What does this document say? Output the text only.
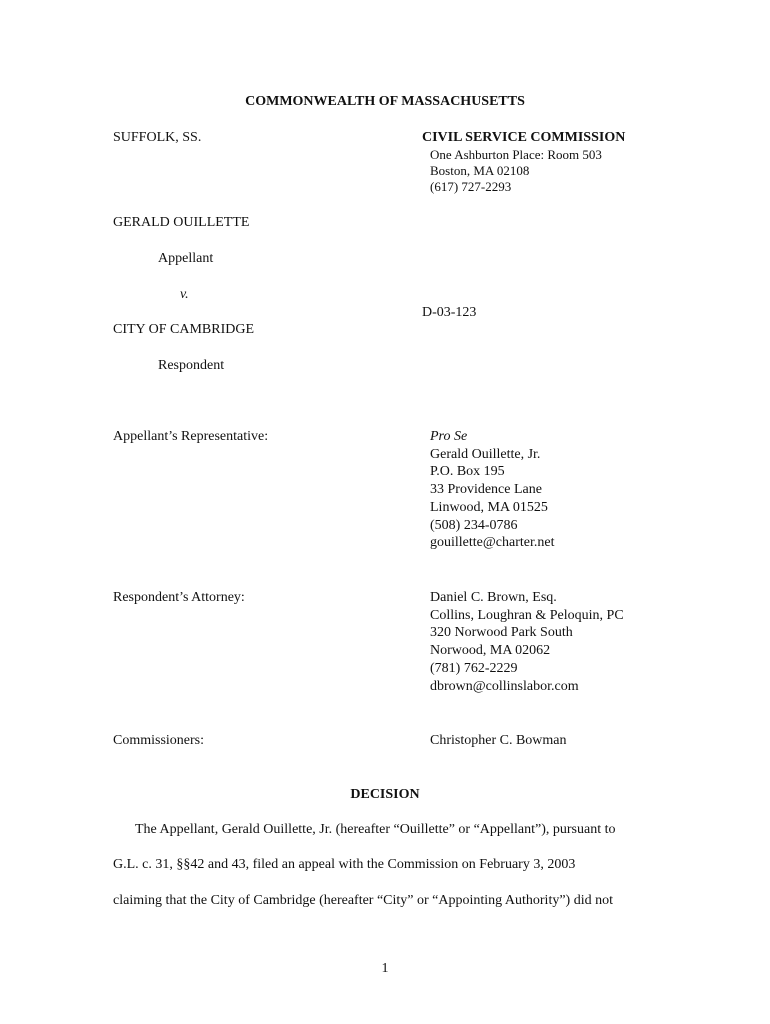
COMMONWEALTH OF MASSACHUSETTS
SUFFOLK, SS.	CIVIL SERVICE COMMISSION
One Ashburton Place: Room 503
Boston, MA 02108
(617) 727-2293
GERALD OUILLETTE
Appellant
v.
D-03-123
CITY OF CAMBRIDGE
Respondent
Appellant’s Representative:	Pro Se
Gerald Ouillette, Jr.
P.O. Box 195
33 Providence Lane
Linwood, MA 01525
(508) 234-0786
gouillette@charter.net
Respondent’s Attorney:	Daniel C. Brown, Esq.
Collins, Loughran & Peloquin, PC
320 Norwood Park South
Norwood, MA 02062
(781) 762-2229
dbrown@collinslabor.com
Commissioners:	Christopher C. Bowman
DECISION
The Appellant, Gerald Ouillette, Jr. (hereafter “Ouillette” or “Appellant”), pursuant to
G.L. c. 31, §§42 and 43, filed an appeal with the Commission on February 3, 2003
claiming that the City of Cambridge (hereafter “City” or “Appointing Authority”) did not
1
